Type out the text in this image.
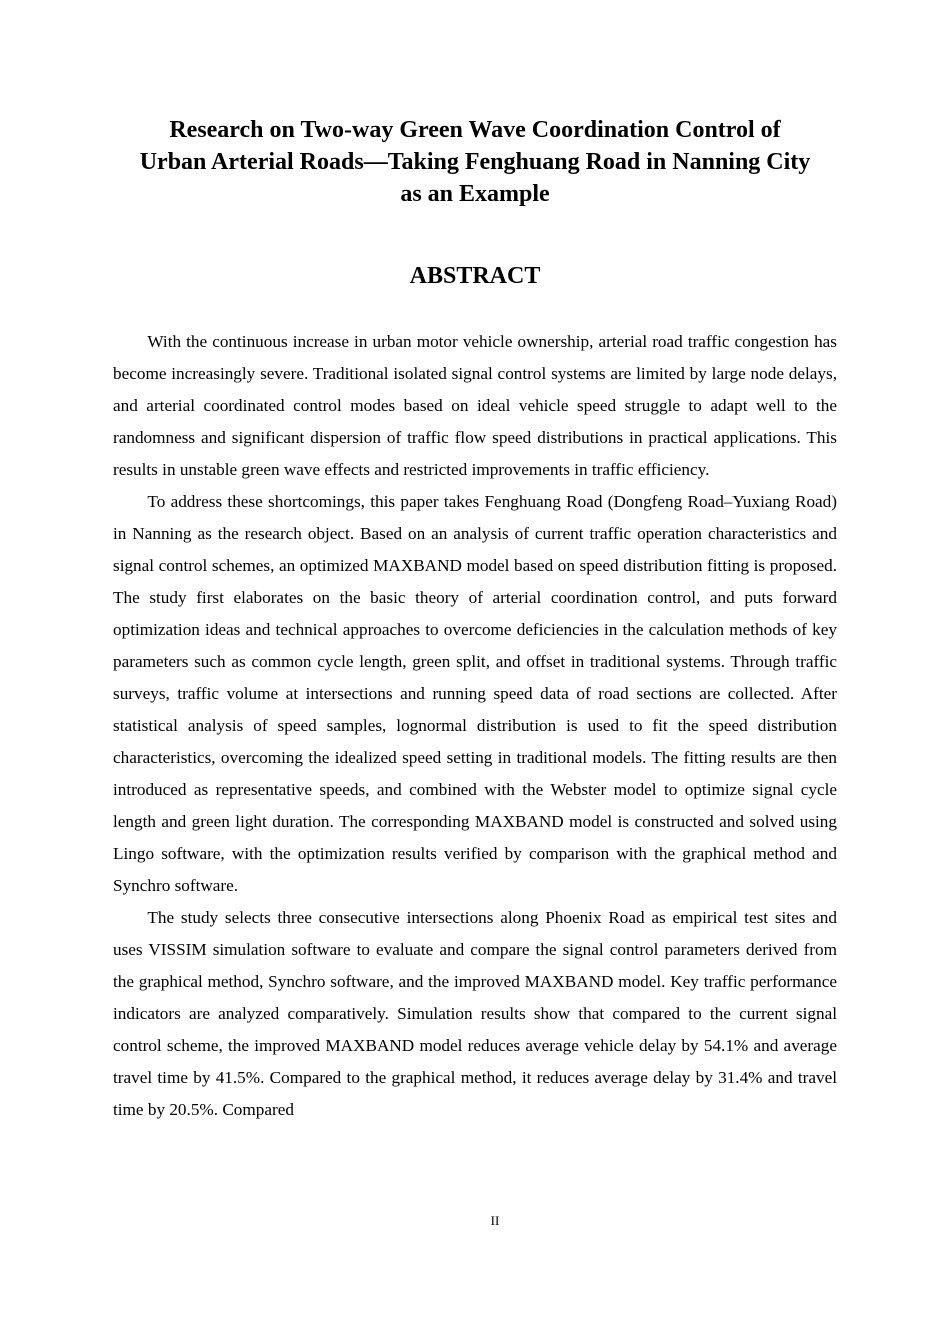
Research on Two-way Green Wave Coordination Control of
Urban Arterial Roads—Taking Fenghuang Road in Nanning City
as an Example
ABSTRACT

With the continuous increase in urban motor vehicle ownership, arterial road traffic congestion has become increasingly severe. Traditional isolated signal control systems are limited by large node delays, and arterial coordinated control modes based on ideal vehicle speed struggle to adapt well to the randomness and significant dispersion of traffic flow speed distributions in practical applications. This results in unstable green wave effects and restricted improvements in traffic efficiency.

To address these shortcomings, this paper takes Fenghuang Road (Dongfeng Road–Yuxiang Road) in Nanning as the research object. Based on an analysis of current traffic operation characteristics and signal control schemes, an optimized MAXBAND model based on speed distribution fitting is proposed. The study first elaborates on the basic theory of arterial coordination control, and puts forward optimization ideas and technical approaches to overcome deficiencies in the calculation methods of key parameters such as common cycle length, green split, and offset in traditional systems. Through traffic surveys, traffic volume at intersections and running speed data of road sections are collected. After statistical analysis of speed samples, lognormal distribution is used to fit the speed distribution characteristics, overcoming the idealized speed setting in traditional models. The fitting results are then introduced as representative speeds, and combined with the Webster model to optimize signal cycle length and green light duration. The corresponding MAXBAND model is constructed and solved using Lingo software, with the optimization results verified by comparison with the graphical method and Synchro software.

The study selects three consecutive intersections along Phoenix Road as empirical test sites and uses VISSIM simulation software to evaluate and compare the signal control parameters derived from the graphical method, Synchro software, and the improved MAXBAND model. Key traffic performance indicators are analyzed comparatively. Simulation results show that compared to the current signal control scheme, the improved MAXBAND model reduces average vehicle delay by 54.1% and average travel time by 41.5%. Compared to the graphical method, it reduces average delay by 31.4% and travel time by 20.5%. Compared

II
